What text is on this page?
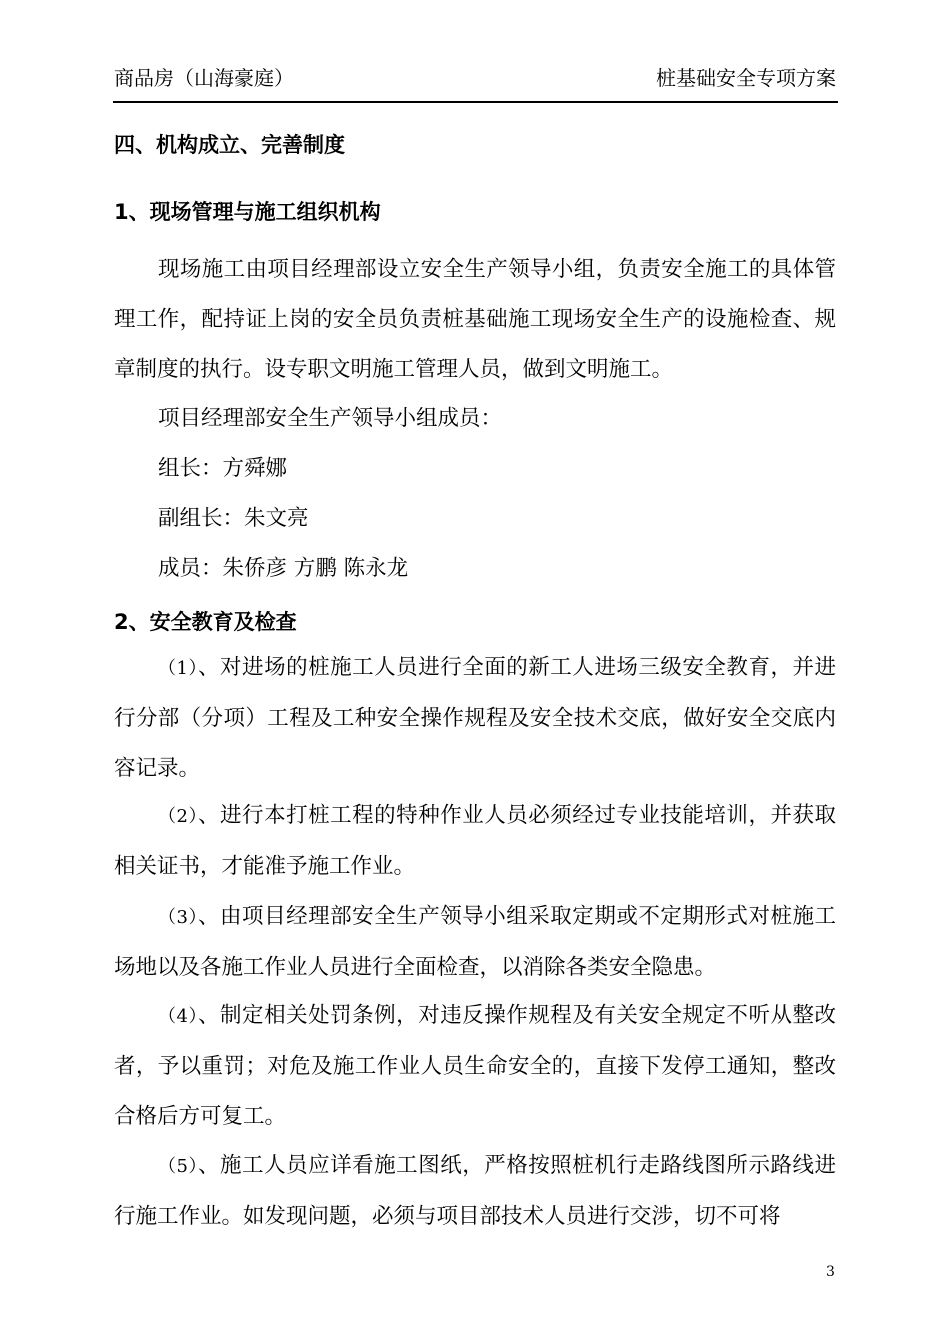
商品房（山海豪庭）	桩基础安全专项方案
四、机构成立、完善制度
1、现场管理与施工组织机构
现场施工由项目经理部设立安全生产领导小组，负责安全施工的具体管理工作，配持证上岗的安全员负责桩基础施工现场安全生产的设施检查、规章制度的执行。设专职文明施工管理人员，做到文明施工。
项目经理部安全生产领导小组成员：
组长：方舜娜
副组长：朱文亮
成员：朱侨彦 方鹏 陈永龙
2、安全教育及检查
（1）、对进场的桩施工人员进行全面的新工人进场三级安全教育，并进行分部（分项）工程及工种安全操作规程及安全技术交底，做好安全交底内容记录。
（2）、进行本打桩工程的特种作业人员必须经过专业技能培训，并获取相关证书，才能准予施工作业。
（3）、由项目经理部安全生产领导小组采取定期或不定期形式对桩施工场地以及各施工作业人员进行全面检查，以消除各类安全隐患。
（4）、制定相关处罚条例，对违反操作规程及有关安全规定不听从整改者，予以重罚；对危及施工作业人员生命安全的，直接下发停工通知，整改合格后方可复工。
（5）、施工人员应详看施工图纸，严格按照桩机行走路线图所示路线进行施工作业。如发现问题，必须与项目部技术人员进行交涉，切不可将
3
